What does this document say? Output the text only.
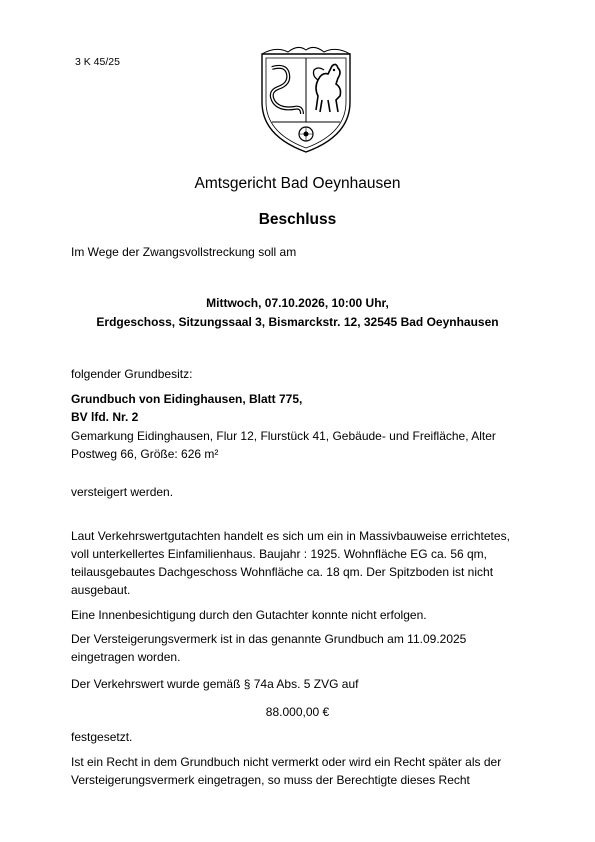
3 K 45/25
Amtsgericht Bad Oeynhausen
Beschluss
Im Wege der Zwangsvollstreckung soll am
Mittwoch, 07.10.2026, 10:00 Uhr,
Erdgeschoss, Sitzungssaal 3, Bismarckstr. 12, 32545 Bad Oeynhausen
folgender Grundbesitz:
Grundbuch von Eidinghausen, Blatt 775,
BV lfd. Nr. 2
Gemarkung Eidinghausen, Flur 12, Flurstück 41, Gebäude- und Freifläche, Alter
Postweg 66, Größe: 626 m²
versteigert werden.
Laut Verkehrswertgutachten handelt es sich um ein in Massivbauweise errichtetes,
voll unterkellertes Einfamilienhaus. Baujahr : 1925. Wohnfläche EG ca. 56 qm,
teilausgebautes Dachgeschoss Wohnfläche ca. 18 qm. Der Spitzboden ist nicht
ausgebaut.
Eine Innenbesichtigung durch den Gutachter konnte nicht erfolgen.
Der Versteigerungsvermerk ist in das genannte Grundbuch am 11.09.2025
eingetragen worden.
Der Verkehrswert wurde gemäß § 74a Abs. 5 ZVG auf
88.000,00 €
festgesetzt.
Ist ein Recht in dem Grundbuch nicht vermerkt oder wird ein Recht später als der
Versteigerungsvermerk eingetragen, so muss der Berechtigte dieses Recht
